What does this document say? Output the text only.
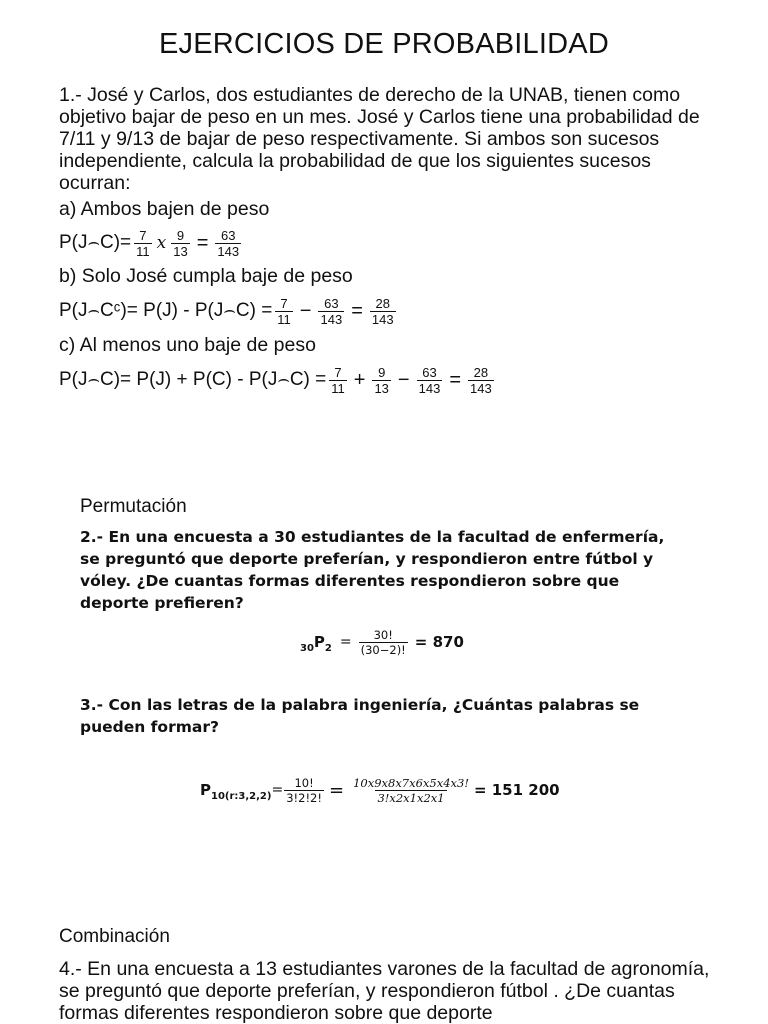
EJERCICIOS DE PROBABILIDAD
1.- José y Carlos, dos estudiantes de derecho de la UNAB, tienen como objetivo bajar de peso en un mes. José y Carlos tiene una probabilidad de 7/11 y 9/13 de bajar de peso respectivamente. Si ambos son sucesos independiente, calcula la probabilidad de que los siguientes sucesos ocurran:
a) Ambos bajen de peso
P(J⌢C)= $\frac{7}{11}$ x $\frac{9}{13} = \frac{63}{143}$
b) Solo José cumpla baje de peso
P(J⌢Cᶜ)= P(J) - P(J⌢C) = $\frac{7}{11} - \frac{63}{143} = \frac{28}{143}$
c) Al menos uno baje de peso
P(J⌢C)= P(J) + P(C) - P(J⌢C) = $\frac{7}{11} + \frac{9}{13} - \frac{63}{143} = \frac{28}{143}$
Permutación
2.- En una encuesta a 30 estudiantes de la facultad de enfermería, se preguntó que deporte preferían, y respondieron entre fútbol y vóley. ¿De cuantas formas diferentes respondieron sobre que deporte prefieren?
30 P $2 = \frac{30!}{(30-2)!} = 870$
3.- Con las letras de la palabra ingeniería, ¿Cuántas palabras se pueden formar?
P 10(r:3,2,2) = $\frac{10!}{3!2!2!} = \frac{10x9x8x7x6x5x4x3!}{3!x2x1x2x1} = 151$ 200
Combinación
4.- En una encuesta a 13 estudiantes varones de la facultad de agronomía, se preguntó que deporte preferían, y respondieron fútbol . ¿De cuantas formas diferentes respondieron sobre que deporte
